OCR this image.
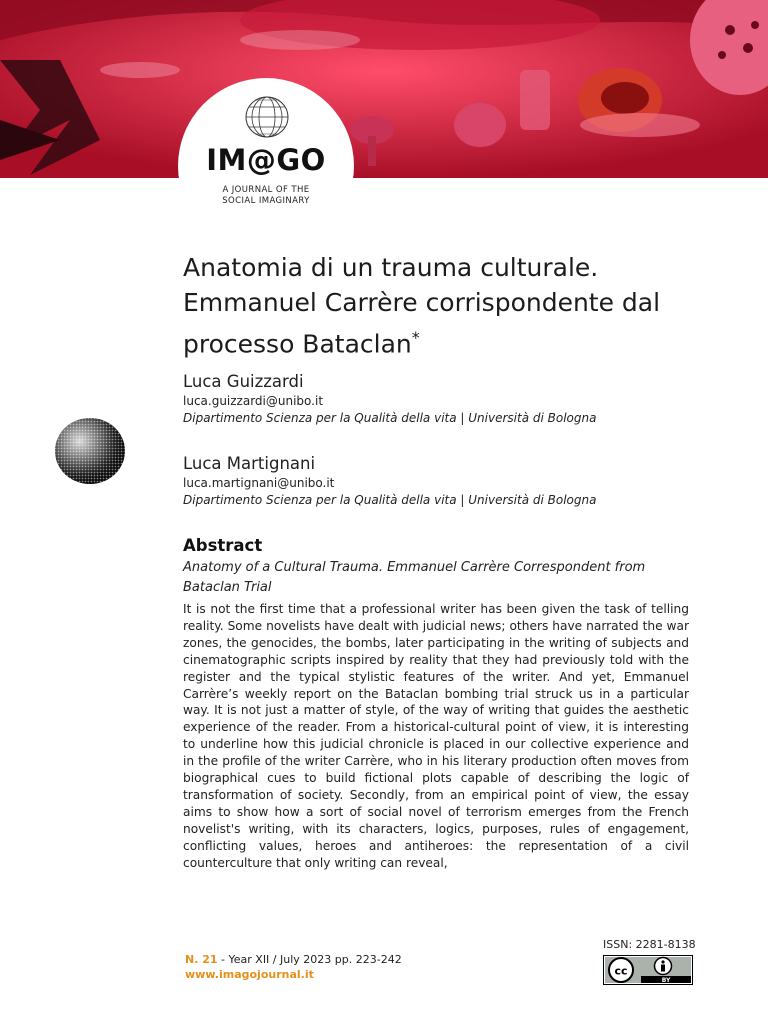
IM@GO
A JOURNAL OF THE
SOCIAL IMAGINARY
Anatomia di un trauma culturale.
Emmanuel Carrère corrispondente dal
processo Bataclan*
Luca Guizzardi
luca.guizzardi@unibo.it
Dipartimento Scienza per la Qualità della vita | Università di Bologna
Luca Martignani
luca.martignani@unibo.it
Dipartimento Scienza per la Qualità della vita | Università di Bologna
Abstract
Anatomy of a Cultural Trauma. Emmanuel Carrère Correspondent from Bataclan Trial
It is not the first time that a professional writer has been given the task of telling reality. Some novelists have dealt with judicial news; others have narrated the war zones, the genocides, the bombs, later participating in the writing of subjects and cinematographic scripts inspired by reality that they had previously told with the register and the typical stylistic features of the writer. And yet, Emmanuel Carrère’s weekly report on the Bataclan bombing trial struck us in a particular way. It is not just a matter of style, of the way of writing that guides the aesthetic experience of the reader. From a historical-cultural point of view, it is interesting to underline how this judicial chronicle is placed in our collective experience and in the profile of the writer Carrère, who in his literary production often moves from biographical cues to build fictional plots capable of describing the logic of transformation of society. Secondly, from an empirical point of view, the essay aims to show how a sort of social novel of terrorism emerges from the French novelist's writing, with its characters, logics, purposes, rules of engagement, conflicting values, heroes and antiheroes: the representation of a civil counterculture that only writing can reveal,
N. 21 - Year XII / July 2023 pp. 223-242
www.imagojournal.it
ISSN: 2281-8138
cc
BY
